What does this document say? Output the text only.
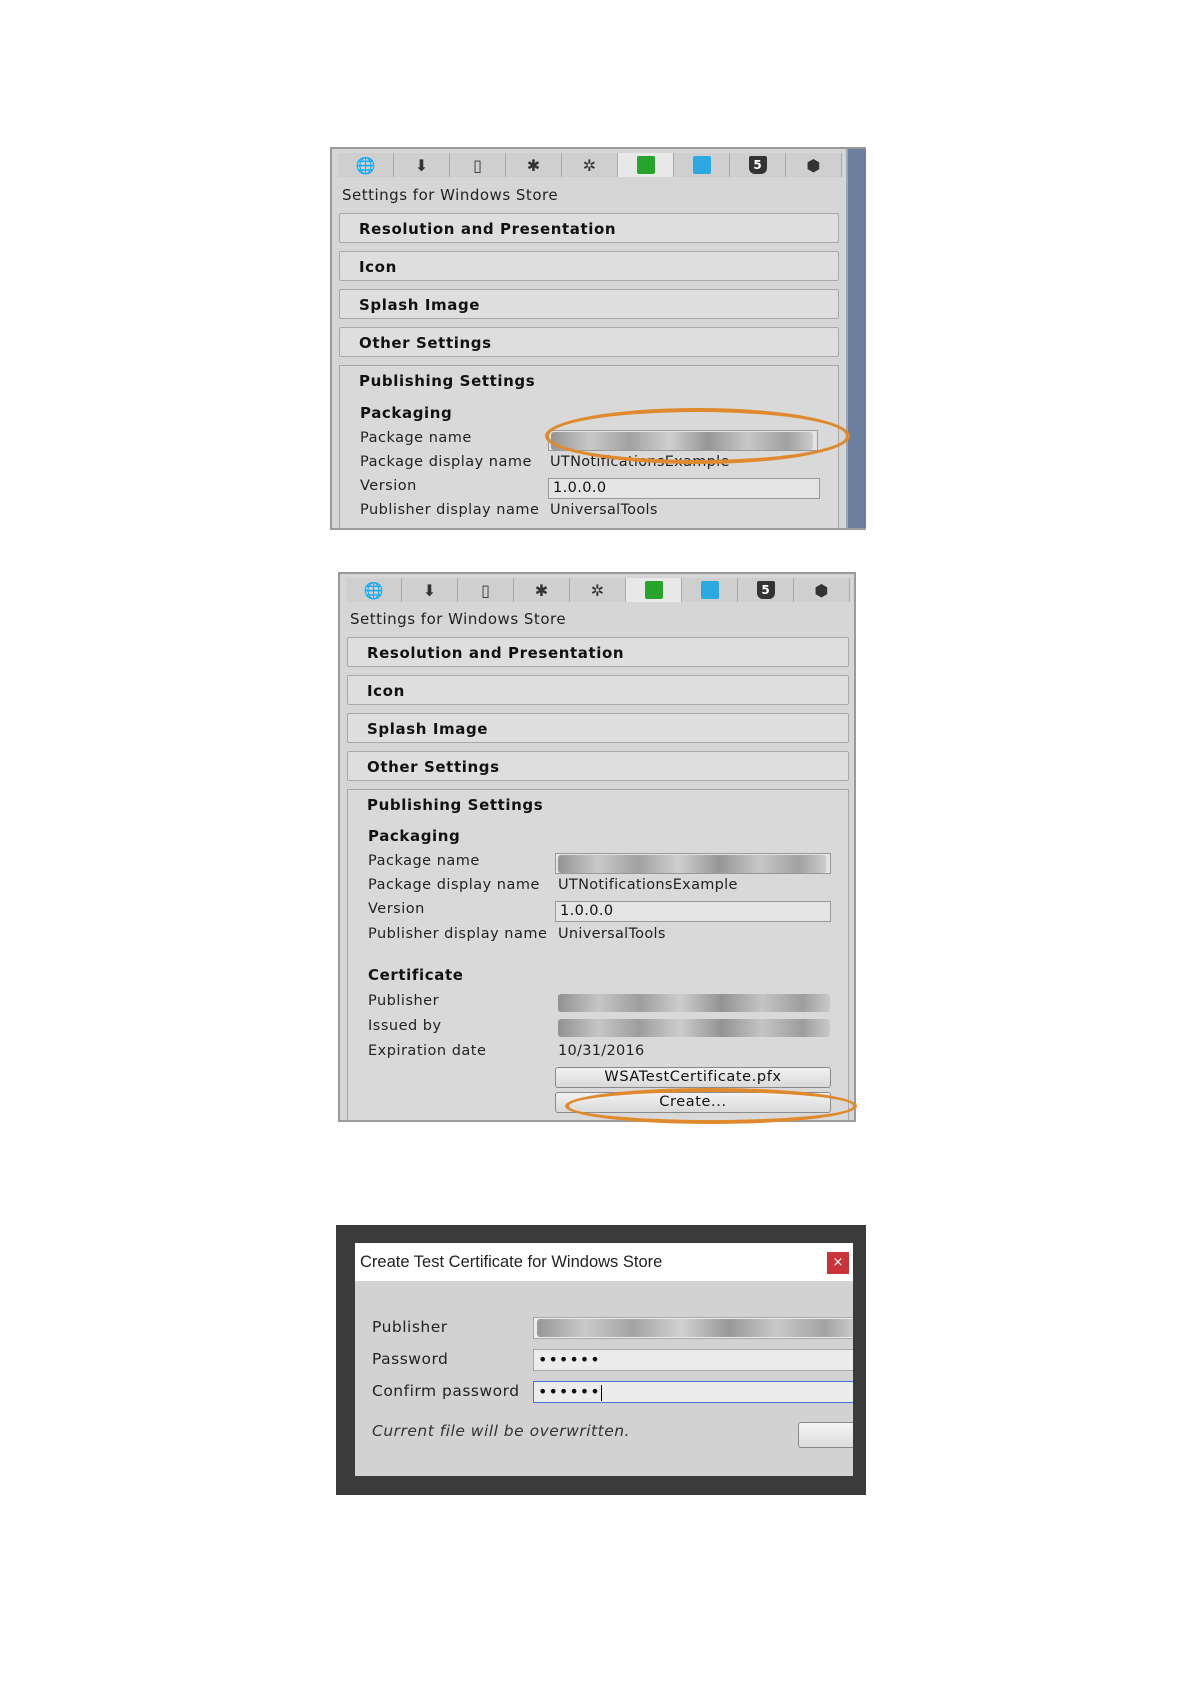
🌐 ⬇	▯	✱	✲	5	⬢
Settings for Windows Store
Resolution and Presentation
Icon
Splash Image
Other Settings
Publishing Settings
Packaging
Package name
Package display name UTNotificationsExample
Version	1.0.0.0
Publisher display name UniversalTools
🌐 ⬇	▯	✱	✲	5	⬢
Settings for Windows Store
Resolution and Presentation
Icon
Splash Image
Other Settings
Publishing Settings
Packaging
Package name
Package display name UTNotificationsExample
Version	1.0.0.0
Publisher display name UniversalTools
Certificate
Publisher
Issued by
Expiration date	10/31/2016
WSATestCertificate.pfx
Create...
Create Test Certificate for Windows Store	×
Publisher
Password	••••••
Confirm password	••••••
Current file will be overwritten.
